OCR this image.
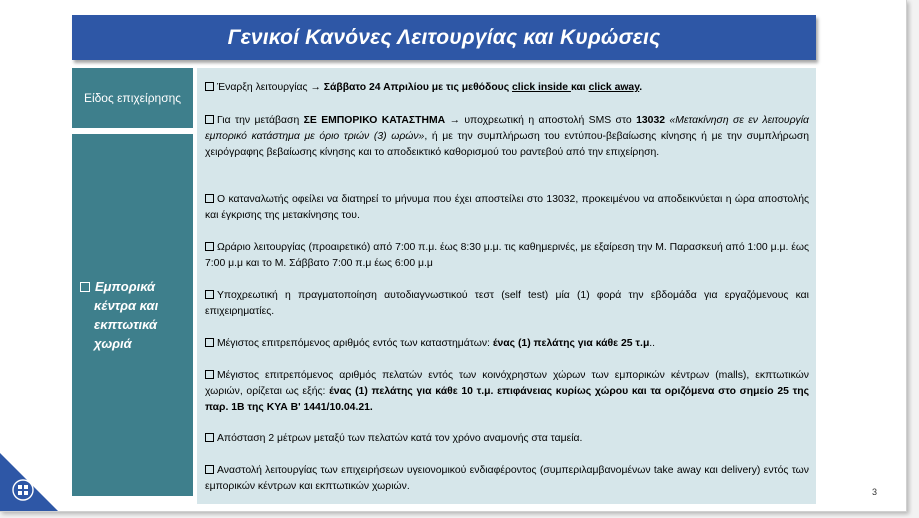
Γενικοί Κανόνες Λειτουργίας και Κυρώσεις
Είδος επιχείρησης
Εμπορικά
κέντρα και
εκπτωτικά
χωριά
Έναρξη λειτουργίας → Σάββατο 24 Απριλίου με τις μεθόδους click inside και click away.
Για την μετάβαση ΣΕ ΕΜΠΟΡΙΚΟ ΚΑΤΑΣΤΗΜΑ → υποχρεωτική η αποστολή SMS στο 13032 «Μετακίνηση σε εν λειτουργία εμπορικό κατάστημα με όριο τριών (3) ωρών», ή με την συμπλήρωση του εντύπου-βεβαίωσης κίνησης ή με την συμπλήρωση χειρόγραφης βεβαίωσης κίνησης και το αποδεικτικό καθορισμού του ραντεβού από την επιχείρηση.
Ο καταναλωτής οφείλει να διατηρεί το μήνυμα που έχει αποστείλει στο 13032, προκειμένου να αποδεικνύεται η ώρα αποστολής και έγκρισης της μετακίνησης του.
Ωράριο λειτουργίας (προαιρετικό) από 7:00 π.μ. έως 8:30 μ.μ. τις καθημερινές, με εξαίρεση την Μ. Παρασκευή από 1:00 μ.μ. έως 7:00 μ.μ και το Μ. Σάββατο 7:00 π.μ έως 6:00 μ.μ
Υποχρεωτική η πραγματοποίηση αυτοδιαγνωστικού τεστ (self test) μία (1) φορά την εβδομάδα για εργαζόμενους και επιχειρηματίες.
Μέγιστος επιτρεπόμενος αριθμός εντός των καταστημάτων: ένας (1) πελάτης για κάθε 25 τ.μ..
Μέγιστος επιτρεπόμενος αριθμός πελατών εντός των κοινόχρηστων χώρων των εμπορικών κέντρων (malls), εκπτωτικών χωριών, ορίζεται ως εξής: ένας (1) πελάτης για κάθε 10 τ.μ. επιφάνειας κυρίως χώρου και τα οριζόμενα στο σημείο 25 της παρ. 1Β της ΚΥΑ Β' 1441/10.04.21.
Απόσταση 2 μέτρων μεταξύ των πελατών κατά τον χρόνο αναμονής στα ταμεία.
Αναστολή λειτουργίας των επιχειρήσεων υγειονομικού ενδιαφέροντος (συμπεριλαμβανομένων take away και delivery) εντός των εμπορικών κέντρων και εκπτωτικών χωριών.
3
